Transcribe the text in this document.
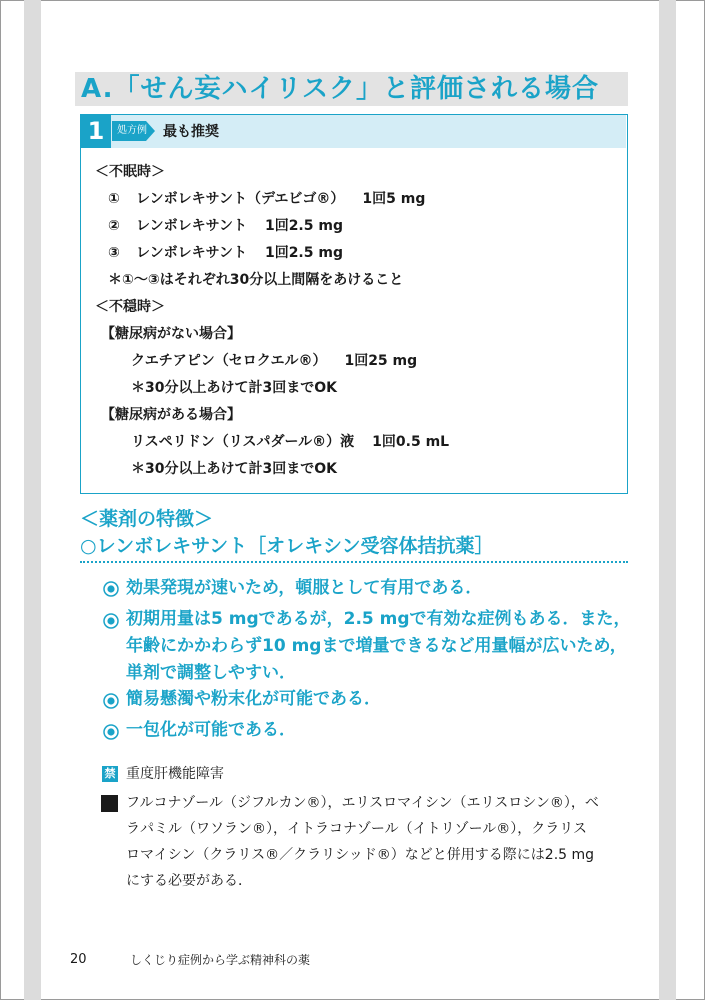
A.「せん妄ハイリスク」と評価される場合
1	処方例 最も推奨
＜不眠時＞
① レンボレキサント（デエビゴ®） 1回5 mg
② レンボレキサント 1回2.5 mg
③ レンボレキサント 1回2.5 mg
＊①〜③はそれぞれ30分以上間隔をあけること
＜不穏時＞
【糖尿病がない場合】
クエチアピン（セロクエル®） 1回25 mg
＊30分以上あけて計3回までOK
【糖尿病がある場合】
リスペリドン（リスパダール®）液 1回0.5 mL
＊30分以上あけて計3回までOK
＜薬剤の特徴＞
○レンボレキサント［オレキシン受容体拮抗薬］
効果発現が速いため，頓服として有用である．
初期用量は5 mgであるが，2.5 mgで有効な症例もある．また，
年齢にかかわらず10 mgまで増量できるなど用量幅が広いため，
単剤で調整しやすい．
簡易懸濁や粉末化が可能である．
一包化が可能である．
禁 重度肝機能障害
フルコナゾール（ジフルカン®），エリスロマイシン（エリスロシン®），ベ
ラパミル（ワソラン®），イトラコナゾール（イトリゾール®），クラリス
ロマイシン（クラリス®／クラリシッド®）などと併用する際には2.5 mg
にする必要がある．
20	しくじり症例から学ぶ精神科の薬
